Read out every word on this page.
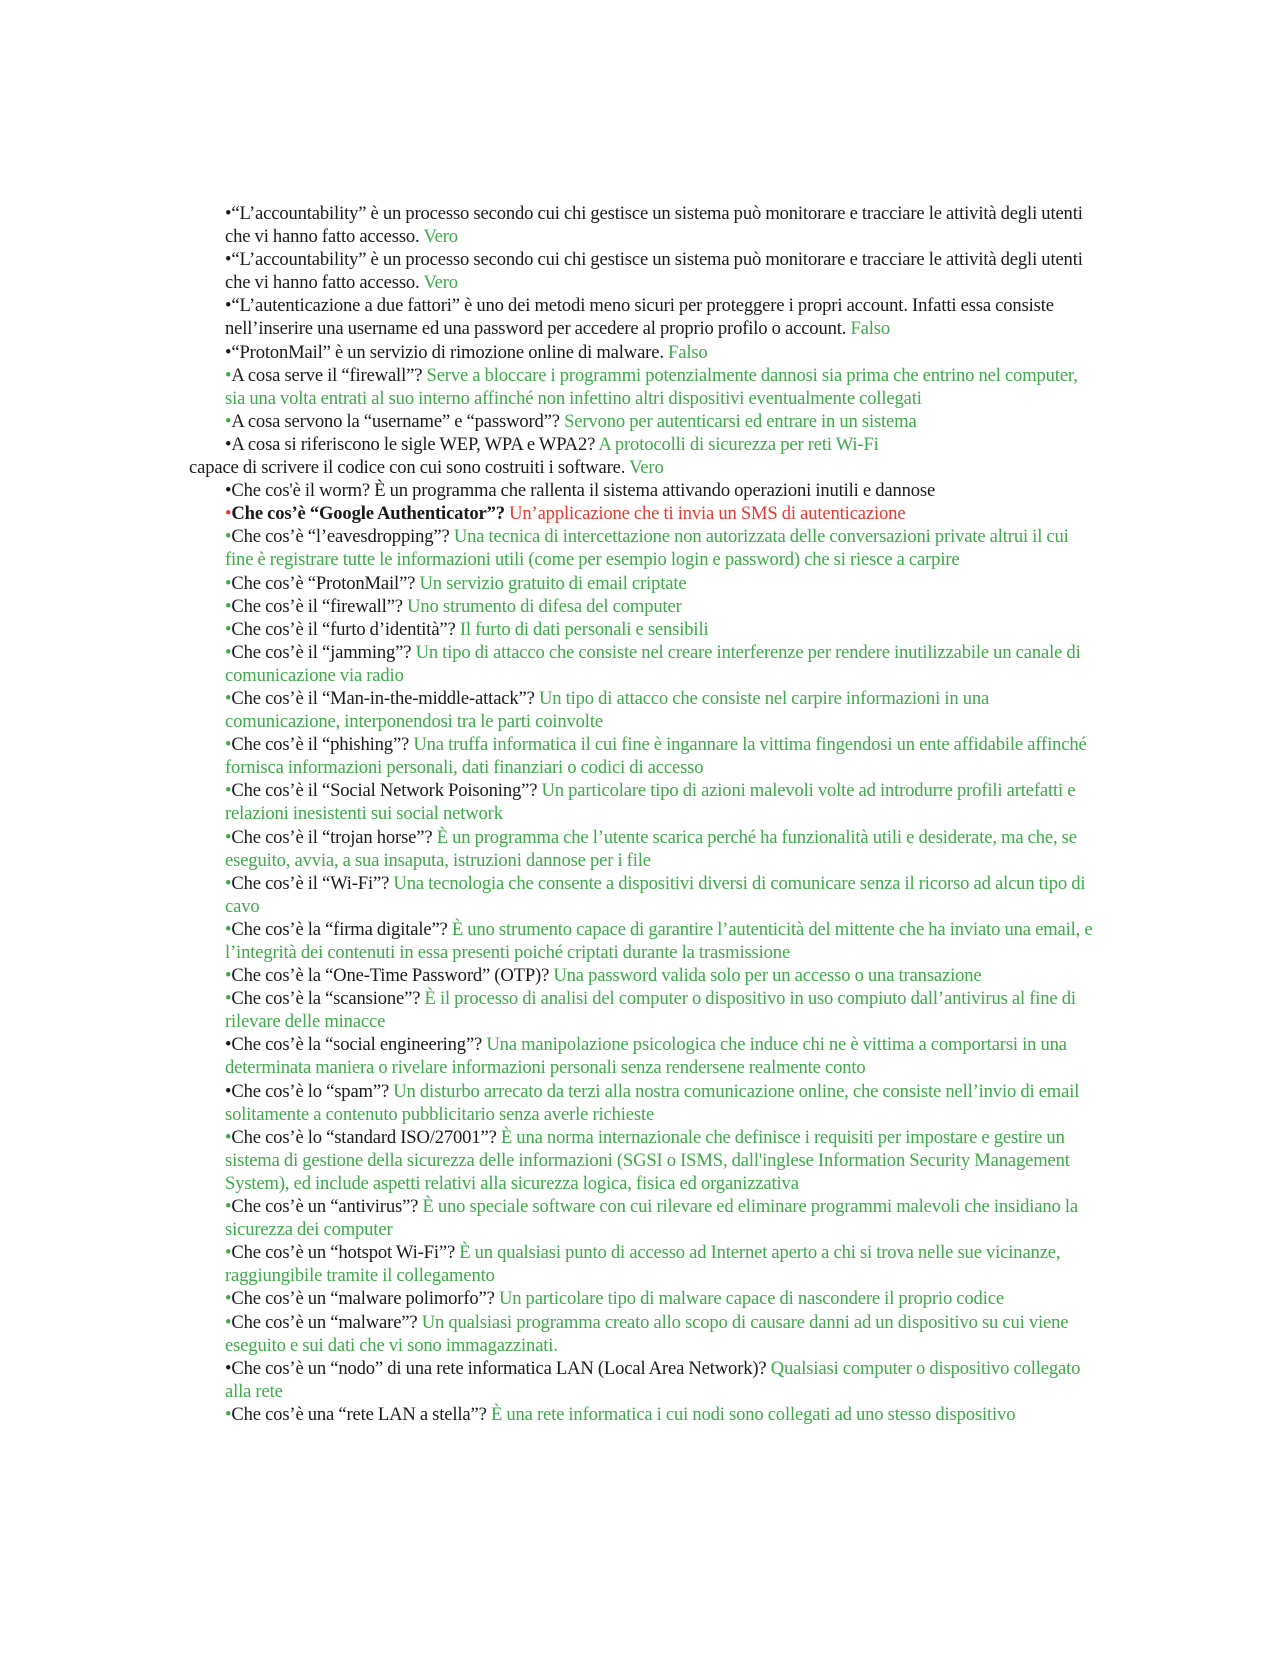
•“L’accountability” è un processo secondo cui chi gestisce un sistema può monitorare e tracciare le attività degli utenti che vi hanno fatto accesso. Vero

•“L’accountability” è un processo secondo cui chi gestisce un sistema può monitorare e tracciare le attività degli utenti che vi hanno fatto accesso. Vero

•“L’autenticazione a due fattori” è uno dei metodi meno sicuri per proteggere i propri account. Infatti essa consiste nell’inserire una username ed una password per accedere al proprio profilo o account. Falso

•“ProtonMail” è un servizio di rimozione online di malware. Falso

•A cosa serve il “firewall”? Serve a bloccare i programmi potenzialmente dannosi sia prima che entrino nel computer, sia una volta entrati al suo interno affinché non infettino altri dispositivi eventualmente collegati

•A cosa servono la “username” e “password”? Servono per autenticarsi ed entrare in un sistema

•A cosa si riferiscono le sigle WEP, WPA e WPA2? A protocolli di sicurezza per reti Wi-Fi

capace di scrivere il codice con cui sono costruiti i software. Vero

•Che cos'è il worm? È un programma che rallenta il sistema attivando operazioni inutili e dannose

•Che cos’è “Google Authenticator”? Un’applicazione che ti invia un SMS di autenticazione

•Che cos’è “l’eavesdropping”? Una tecnica di intercettazione non autorizzata delle conversazioni private altrui il cui fine è registrare tutte le informazioni utili (come per esempio login e password) che si riesce a carpire

•Che cos’è “ProtonMail”? Un servizio gratuito di email criptate

•Che cos’è il “firewall”? Uno strumento di difesa del computer

•Che cos’è il “furto d’identità”? Il furto di dati personali e sensibili

•Che cos’è il “jamming”? Un tipo di attacco che consiste nel creare interferenze per rendere inutilizzabile un canale di comunicazione via radio

•Che cos’è il “Man-in-the-middle-attack”? Un tipo di attacco che consiste nel carpire informazioni in una comunicazione, interponendosi tra le parti coinvolte

•Che cos’è il “phishing”? Una truffa informatica il cui fine è ingannare la vittima fingendosi un ente affidabile affinché fornisca informazioni personali, dati finanziari o codici di accesso

•Che cos’è il “Social Network Poisoning”? Un particolare tipo di azioni malevoli volte ad introdurre profili artefatti e relazioni inesistenti sui social network

•Che cos’è il “trojan horse”? È un programma che l’utente scarica perché ha funzionalità utili e desiderate, ma che, se eseguito, avvia, a sua insaputa, istruzioni dannose per i file

•Che cos’è il “Wi-Fi”? Una tecnologia che consente a dispositivi diversi di comunicare senza il ricorso ad alcun tipo di cavo

•Che cos’è la “firma digitale”? È uno strumento capace di garantire l’autenticità del mittente che ha inviato una email, e l’integrità dei contenuti in essa presenti poiché criptati durante la trasmissione

•Che cos’è la “One-Time Password” (OTP)? Una password valida solo per un accesso o una transazione

•Che cos’è la “scansione”? È il processo di analisi del computer o dispositivo in uso compiuto dall’antivirus al fine di rilevare delle minacce

•Che cos’è la “social engineering”? Una manipolazione psicologica che induce chi ne è vittima a comportarsi in una determinata maniera o rivelare informazioni personali senza rendersene realmente conto

•Che cos’è lo “spam”? Un disturbo arrecato da terzi alla nostra comunicazione online, che consiste nell’invio di email solitamente a contenuto pubblicitario senza averle richieste

•Che cos’è lo “standard ISO/27001”? È una norma internazionale che definisce i requisiti per impostare e gestire un sistema di gestione della sicurezza delle informazioni (SGSI o ISMS, dall'inglese Information Security Management System), ed include aspetti relativi alla sicurezza logica, fisica ed organizzativa

•Che cos’è un “antivirus”? È uno speciale software con cui rilevare ed eliminare programmi malevoli che insidiano la sicurezza dei computer

•Che cos’è un “hotspot Wi-Fi”? È un qualsiasi punto di accesso ad Internet aperto a chi si trova nelle sue vicinanze, raggiungibile tramite il collegamento

•Che cos’è un “malware polimorfo”? Un particolare tipo di malware capace di nascondere il proprio codice

•Che cos’è un “malware”? Un qualsiasi programma creato allo scopo di causare danni ad un dispositivo su cui viene eseguito e sui dati che vi sono immagazzinati.

•Che cos’è un “nodo” di una rete informatica LAN (Local Area Network)? Qualsiasi computer o dispositivo collegato alla rete

•Che cos’è una “rete LAN a stella”? È una rete informatica i cui nodi sono collegati ad uno stesso dispositivo
